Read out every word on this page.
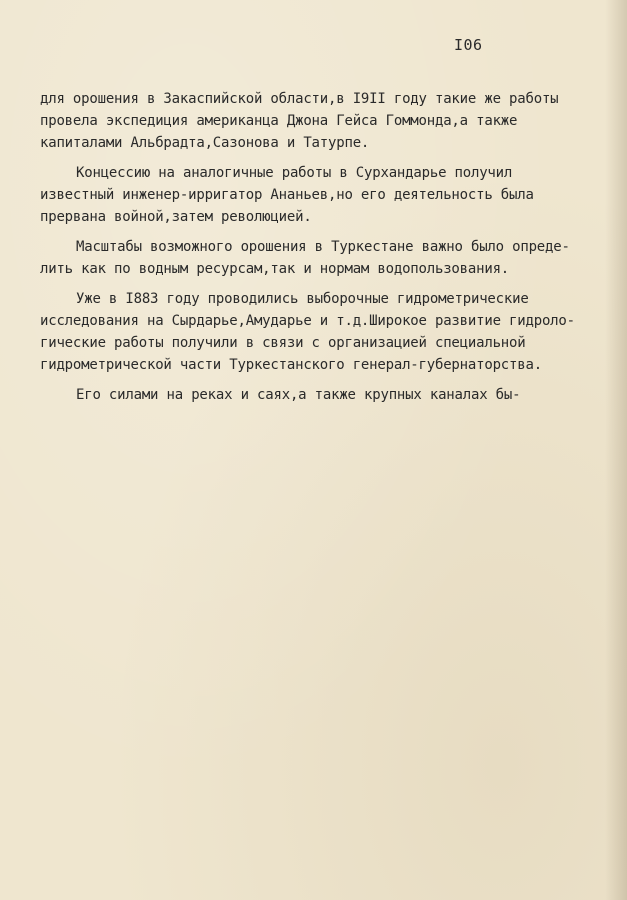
I06
для орошения в Закаспийской области,в I9II году такие же работы
провела экспедиция американца Джона Гейса Гоммонда,а также
капиталами Альбрадта,Сазонова и Татурпе.
Концессию на аналогичные работы в Сурхандарье получил
известный инженер-ирригатор Ананьев,но его деятельность была
прервана войной,затем революцией.
Масштабы возможного орошения в Туркестане важно было опреде-
лить как по водным ресурсам,так и нормам водопользования.
Уже в I883 году проводились выборочные гидрометрические
исследования на Сырдарье,Амударье и т.д.Широкое развитие гидроло-
гические работы получили в связи с организацией специальной
гидрометрической части Туркестанского генерал-губернаторства.
Его силами на реках и саях,а также крупных каналах бы-
